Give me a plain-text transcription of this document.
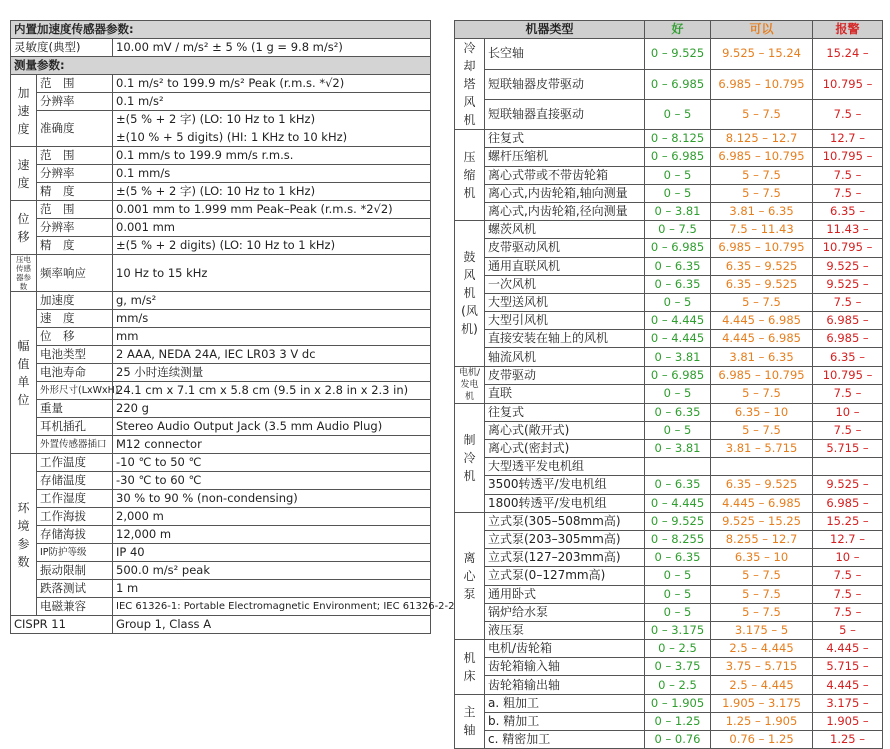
内置加速度传感器参数:		
灵敏度(典型)		10.00 mV / m/s² ± 5 % (1 g = 9.8 m/s²)
测量参数:		
加速度	范　围	0.1 m/s² to 199.9 m/s² Peak (r.m.s. *√2)
	分辨率	0.1 m/s²
	准确度	±(5 % + 2 字) (LO: 10 Hz to 1 kHz)
		±(10 % + 5 digits) (HI: 1 KHz to 10 kHz)
速度	范　围	0.1 mm/s to 199.9 mm/s r.m.s.
	分辨率	0.1 mm/s
	精　度	±(5 % + 2 字) (LO: 10 Hz to 1 kHz)
位移	范　围	0.001 mm to 1.999 mm Peak–Peak (r.m.s. *2√2)
	分辨率	0.001 mm
	精　度	±(5 % + 2 digits) (LO: 10 Hz to 1 kHz)
压电传感器参数	频率响应	10 Hz to 15 kHz
幅值单位	加速度	g, m/s²
	速　度	mm/s
	位　移	mm
	电池类型	2 AAA, NEDA 24A, IEC LR03 3 V dc
	电池寿命	25 小时连续测量
	外形尺寸(LxWxH)	24.1 cm x 7.1 cm x 5.8 cm (9.5 in x 2.8 in x 2.3 in)
	重量	220 g
	耳机插孔	Stereo Audio Output Jack (3.5 mm Audio Plug)
	外置传感器插口	M12 connector
环境参数	工作温度	-10 ℃ to 50 ℃
	存储温度	-30 ℃ to 60 ℃
	工作湿度	30 % to 90 % (non-condensing)
	工作海拔	2,000 m
	存储海拔	12,000 m
	IP防护等级	IP 40
	振动限制	500.0 m/s² peak
	跌落测试	1 m
	电磁兼容	IEC 61326-1: Portable Electromagnetic Environment; IEC 61326-2-2
CISPR 11		Group 1, Class A
机器类型		好	可以	报警
冷却塔风机	长空轴	0 – 9.525	9.525 – 15.24	15.24 –
	短联轴器皮带驱动	0 – 6.985	6.985 – 10.795	10.795 –
	短联轴器直接驱动	0 – 5	5 – 7.5	7.5 –
压缩机	往复式	0 – 8.125	8.125 – 12.7	12.7 –
	螺杆压缩机	0 – 6.985	6.985 – 10.795	10.795 –
	离心式带或不带齿轮箱	0 – 5	5 – 7.5	7.5 –
	离心式,内齿轮箱,轴向测量	0 – 5	5 – 7.5	7.5 –
	离心式,内齿轮箱,径向测量	0 – 3.81	3.81 – 6.35	6.35 –
鼓风机(风机)	螺茨风机	0 – 7.5	7.5 – 11.43	11.43 –
	皮带驱动风机	0 – 6.985	6.985 – 10.795	10.795 –
	通用直联风机	0 – 6.35	6.35 – 9.525	9.525 –
	一次风机	0 – 6.35	6.35 – 9.525	9.525 –
	大型送风机	0 – 5	5 – 7.5	7.5 –
	大型引风机	0 – 4.445	4.445 – 6.985	6.985 –
	直接安装在轴上的风机	0 – 4.445	4.445 – 6.985	6.985 –
	轴流风机	0 – 3.81	3.81 – 6.35	6.35 –
电机/发电机	皮带驱动	0 – 6.985	6.985 – 10.795	10.795 –
	直联	0 – 5	5 – 7.5	7.5 –
制冷机	往复式	0 – 6.35	6.35 – 10	10 –
	离心式(敞开式)	0 – 5	5 – 7.5	7.5 –
	离心式(密封式)	0 – 3.81	3.81 – 5.715	5.715 –
	大型透平发电机组			
	3500转透平/发电机组	0 – 6.35	6.35 – 9.525	9.525 –
	1800转透平/发电机组	0 – 4.445	4.445 – 6.985	6.985 –
离心泵	立式泵(305–508mm高)	0 – 9.525	9.525 – 15.25	15.25 –
	立式泵(203–305mm高)	0 – 8.255	8.255 – 12.7	12.7 –
	立式泵(127–203mm高)	0 – 6.35	6.35 – 10	10 –
	立式泵(0–127mm高)	0 – 5	5 – 7.5	7.5 –
	通用卧式	0 – 5	5 – 7.5	7.5 –
	锅炉给水泵	0 – 5	5 – 7.5	7.5 –
	液压泵	0 – 3.175	3.175 – 5	5 –
机床	电机/齿轮箱	0 – 2.5	2.5 – 4.445	4.445 –
	齿轮箱输入轴	0 – 3.75	3.75 – 5.715	5.715 –
	齿轮箱输出轴	0 – 2.5	2.5 – 4.445	4.445 –
主轴	a. 粗加工	0 – 1.905	1.905 – 3.175	3.175 –
	b. 精加工	0 – 1.25	1.25 – 1.905	1.905 –
	c. 精密加工	0 – 0.76	0.76 – 1.25	1.25 –
